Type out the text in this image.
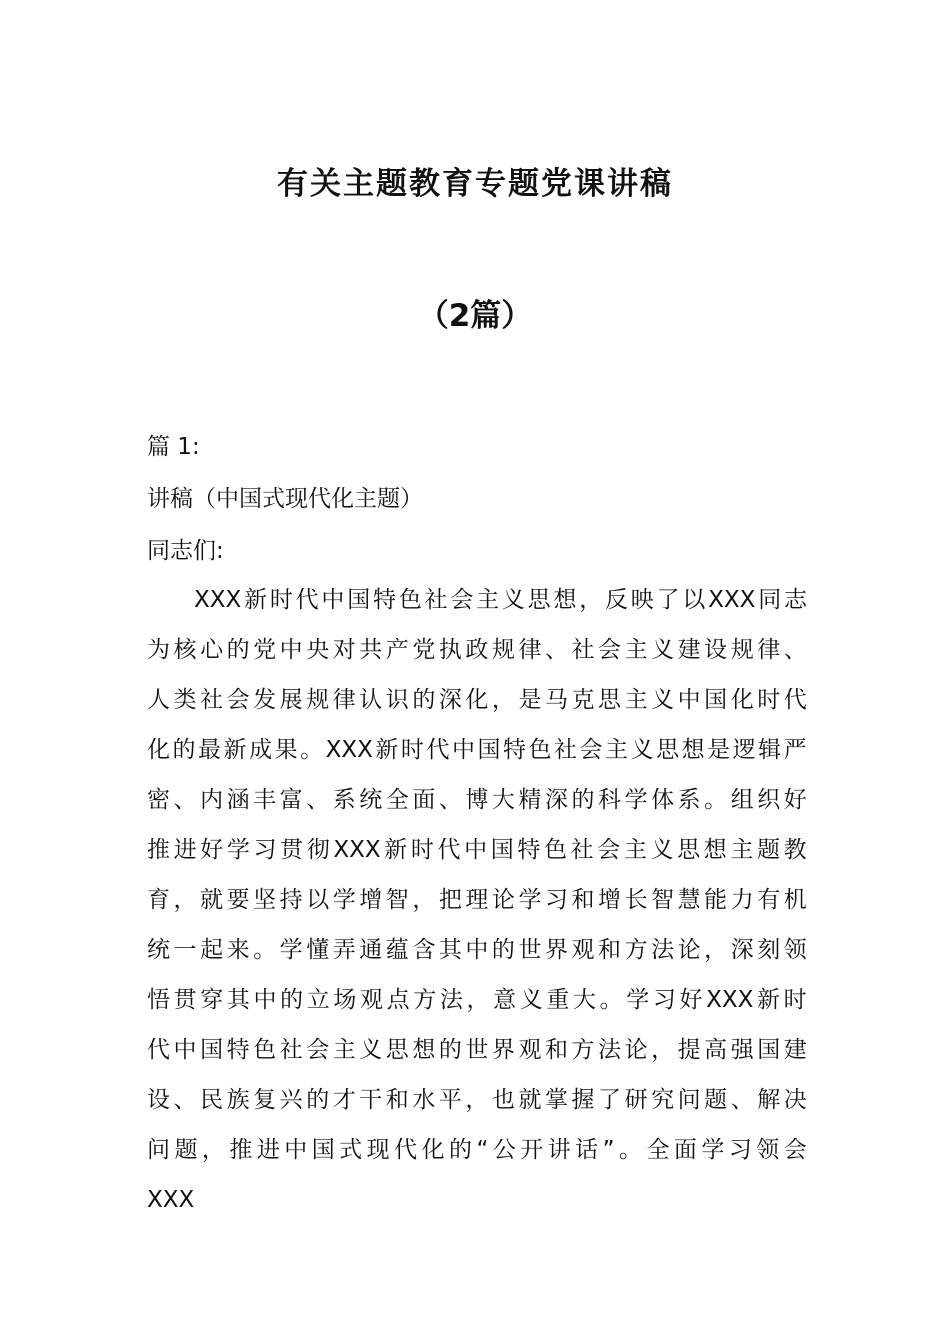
有关主题教育专题党课讲稿
（2篇）
篇 1:
讲稿（中国式现代化主题）
同志们:
XXX 新 时 代 中 国 特 色 社 会 主 义 思 想 ， 反 映 了 以 XXX 同 志
为 核 心 的 党 中 央 对 共 产 党 执 政 规 律 、 社 会 主 义 建 设 规 律 、
人 类 社 会 发 展 规 律 认 识 的 深 化 ， 是 马 克 思 主 义 中 国 化 时 代
化 的 最 新 成 果 。 XXX 新 时 代 中 国 特 色 社 会 主 义 思 想 是 逻 辑 严
密 、 内 涵 丰 富 、 系 统 全 面 、 博 大 精 深 的 科 学 体 系 。 组 织 好
推 进 好 学 习 贯 彻 XXX 新 时 代 中 国 特 色 社 会 主 义 思 想 主 题 教
育 ， 就 要 坚 持 以 学 增 智 ， 把 理 论 学 习 和 增 长 智 慧 能 力 有 机
统 一 起 来 。 学 懂 弄 通 蕴 含 其 中 的 世 界 观 和 方 法 论 ， 深 刻 领
悟 贯 穿 其 中 的 立 场 观 点 方 法 ， 意 义 重 大 。 学 习 好 XXX 新 时
代 中 国 特 色 社 会 主 义 思 想 的 世 界 观 和 方 法 论 ， 提 高 强 国 建
设 、 民 族 复 兴 的 才 干 和 水 平 ， 也 就 掌 握 了 研 究 问 题 、 解 决
问 题 ， 推 进 中 国 式 现 代 化 的 “ 公 开 讲 话 ” 。 全 面 学 习 领 会
XXX
